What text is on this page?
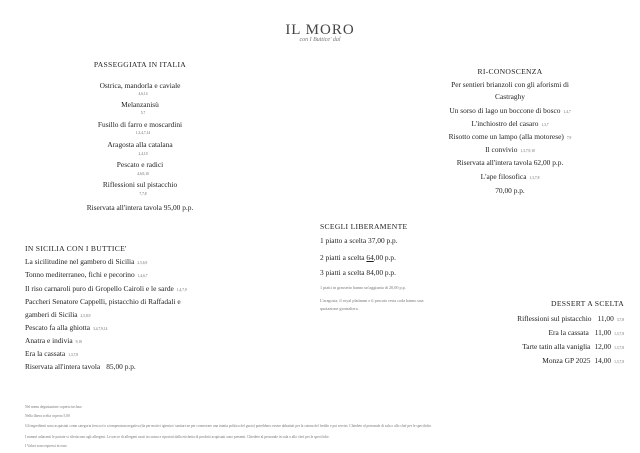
IL MORO
con I Buttice' dal
PASSEGGIATA IN ITALIA
Ostrica, mandorla e caviale
4,6,14
Melanzanisù
5,7
Fusillo di farro e moscardini
1,3,4,7,14
Aragosta alla catalana
2,4,10
Pescato e radici
4,6,9,10
Riflessioni sul pistacchio
7,7,8
Riservata all'intera tavola 95,00 p.p.
RI-CONOSCENZA
Per sentieri brianzoli con gli aforismi di
Castraghy
Un sorso di lago un boccone di bosco 1,4,7
L'inchiostro del casaro 1,3,7
Risotto come un lampo (alla motorese) 7,9
Il convivio 1,3,7,9,10
Riservata all'intera tavola 62,00 p.p.
L'ape filosofica 1,3,7,8
70,00 p.p.
SCEGLI LIBERAMENTE
1 piatto a scelta 37,00 p.p.
2 piatti a scelta 64,00 p.p.
3 piatti a scelta 84,00 p.p.
1 piatti in grassetto hanno un'aggiunta di 20,00 p.p.
L'aragosta, il royal platinum e il pescato resta coda hanno una
quotazione giornaliera.
IN SICILIA CON I BUTTICE'
La sicilitudine nel gambero di Sicilia 2,5,6,9
Tonno mediterraneo, fichi e pecorino 1,4,6,7
Il riso carnaroli puro di Gropello Cairoli e le sarde 1,4,7,9
Paccheri Senatore Cappelli, pistacchio di Raffadali e
gamberi di Sicilia 2,5,8,9
Pescato fa alla ghiotta 3,4,7,9,14
Anatra e indivia 9,10
Era la cassata 1,3,7,8
Riservata all'intera tavola 85,00 p.p.
DESSERT A SCELTA
Riflessioni sul pistacchio 11,00 3,7,8
Era la cassata 11,00 1,3,7,8
Tarte tatin alla vaniglia 12,00 1,3,7,8
Monza GP 2025 14,00 1,3,7,8
Nel menu degustazione coperto incluso
Nella libera scelta coperto 5,00
Gli ingredienti sono acquistati come categoria fresca e/o a temperatura negativa (da per motivi igienico/ sanitari ne per conservare una intatta politica del gusto) potrebbero essere abbattuti per la catena del freddo e poi servizi. Chiedete al personale di sala o allo chef per le specifiche.
I numeri adiacenti le portate si riferiscono agli allergeni. Le tracce di allergeni usati in cucina e riportati dalla etichetta di prodotti acquistati sono presenti. Chiedete al personale in sala o allo chef per le specifiche.
I Valori sono espressi in euro
